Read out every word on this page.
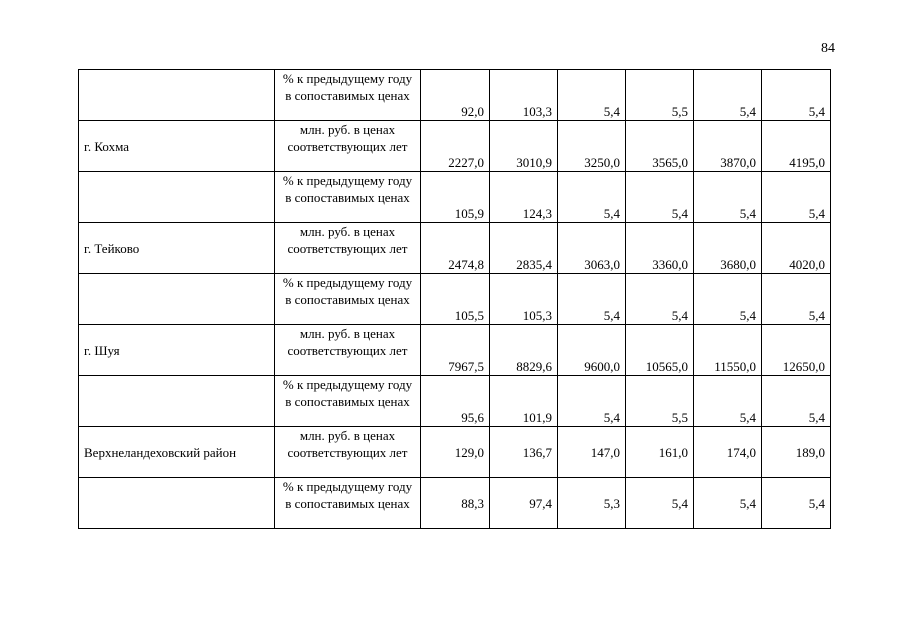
84
	% к предыдущему году в сопоставимых ценах	92,0	103,3	5,4	5,5	5,4	5,4
г. Кохма	млн. руб. в ценах соответствующих лет	2227,0	3010,9	3250,0	3565,0	3870,0	4195,0
	% к предыдущему году в сопоставимых ценах	105,9	124,3	5,4	5,4	5,4	5,4
г. Тейково	млн. руб. в ценах соответствующих лет	2474,8	2835,4	3063,0	3360,0	3680,0	4020,0
	% к предыдущему году в сопоставимых ценах	105,5	105,3	5,4	5,4	5,4	5,4
г. Шуя	млн. руб. в ценах соответствующих лет	7967,5	8829,6	9600,0	10565,0	11550,0	12650,0
	% к предыдущему году в сопоставимых ценах	95,6	101,9	5,4	5,5	5,4	5,4
Верхнеландеховский район	млн. руб. в ценах соответствующих лет	129,0	136,7	147,0	161,0	174,0	189,0
	% к предыдущему году в сопоставимых ценах	88,3	97,4	5,3	5,4	5,4	5,4
